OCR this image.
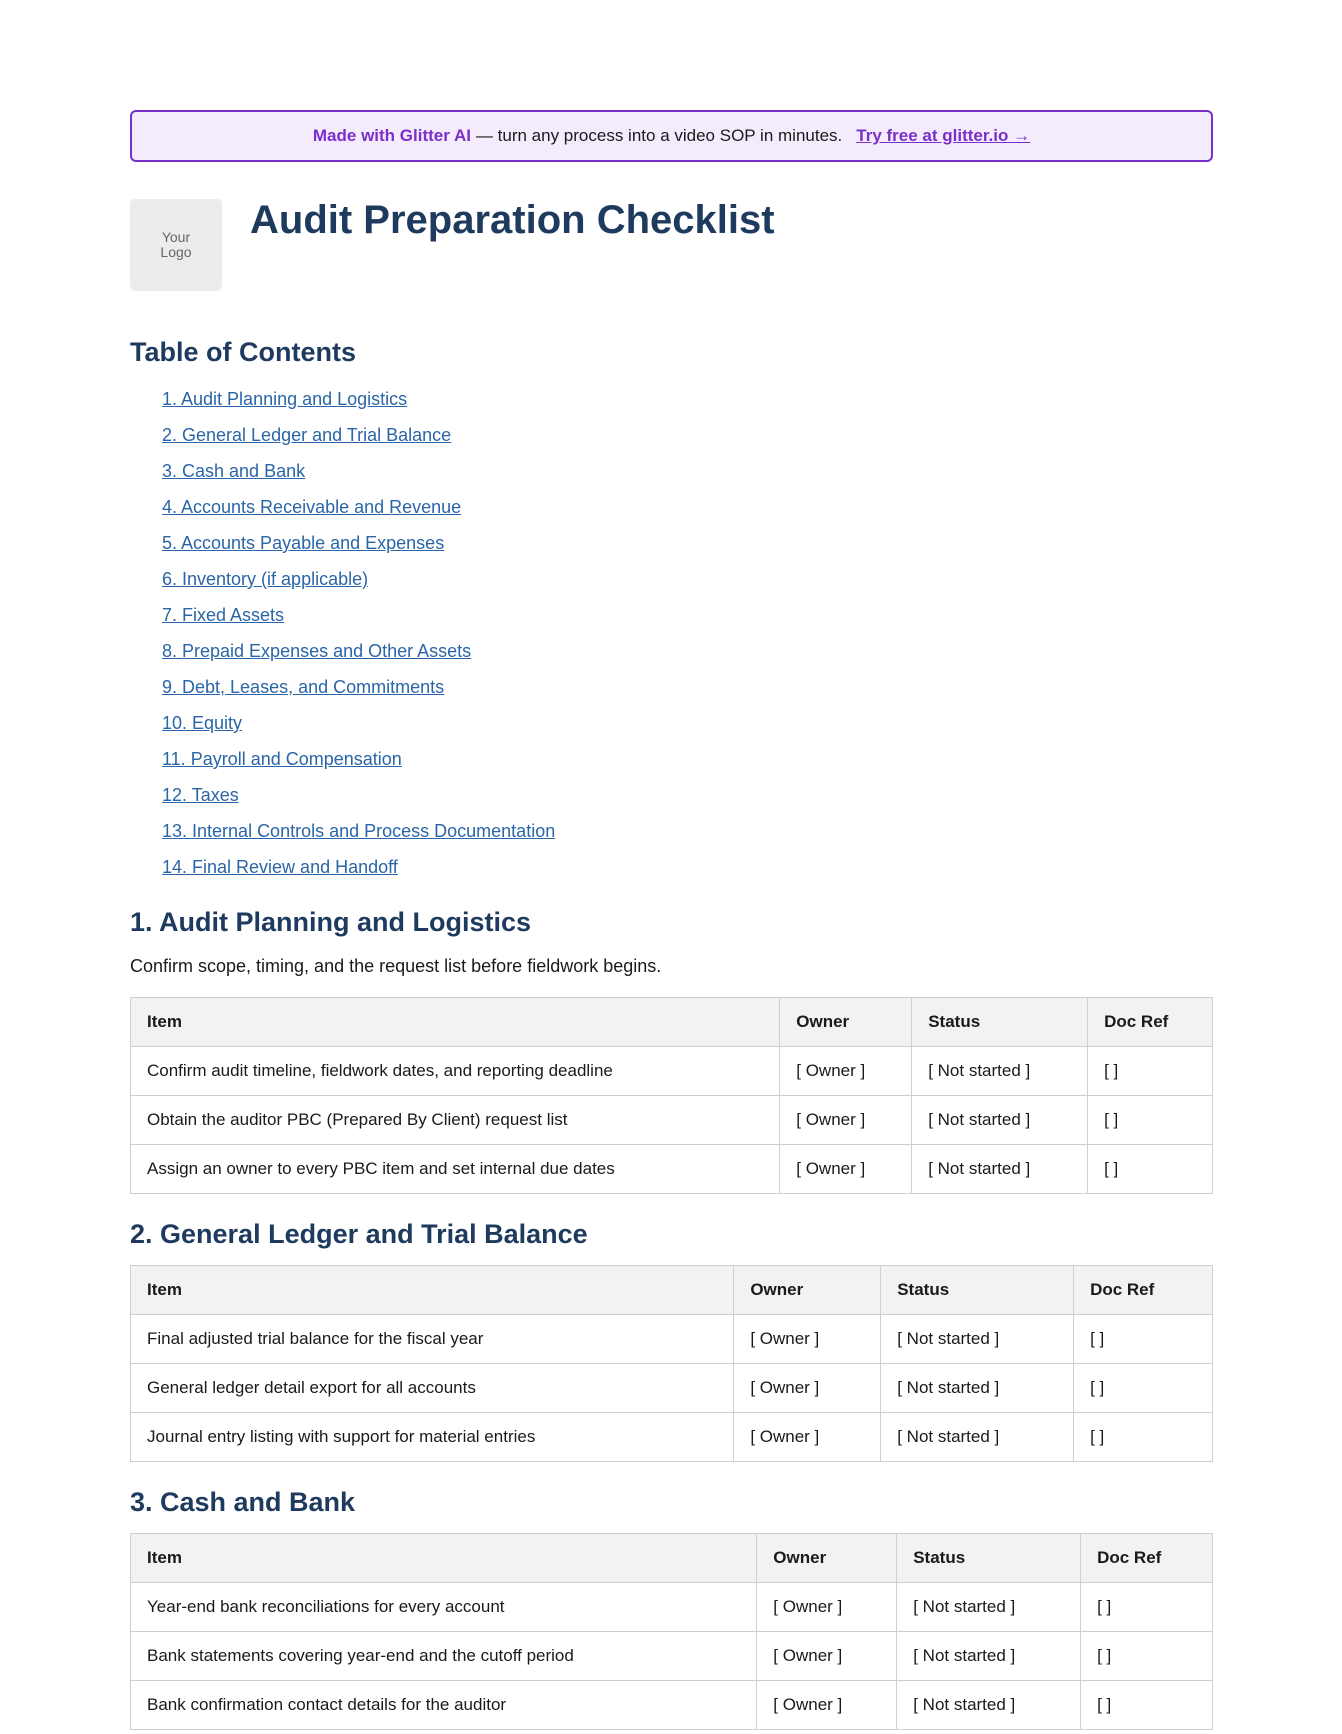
Made with Glitter AI — turn any process into a video SOP in minutes. Try free at glitter.io →
Your
Logo
Audit Preparation Checklist
Table of Contents
1. Audit Planning and Logistics
2. General Ledger and Trial Balance
3. Cash and Bank
4. Accounts Receivable and Revenue
5. Accounts Payable and Expenses
6. Inventory (if applicable)
7. Fixed Assets
8. Prepaid Expenses and Other Assets
9. Debt, Leases, and Commitments
10. Equity
11. Payroll and Compensation
12. Taxes
13. Internal Controls and Process Documentation
14. Final Review and Handoff
1. Audit Planning and Logistics

Confirm scope, timing, and the request list before fieldwork begins.

Item	Owner	Status	Doc Ref
Confirm audit timeline, fieldwork dates, and reporting deadline	[ Owner ]	[ Not started ]	[ ]
Obtain the auditor PBC (Prepared By Client) request list	[ Owner ]	[ Not started ]	[ ]
Assign an owner to every PBC item and set internal due dates	[ Owner ]	[ Not started ]	[ ]
2. General Ledger and Trial Balance
Item	Owner	Status	Doc Ref
Final adjusted trial balance for the fiscal year	[ Owner ]	[ Not started ]	[ ]
General ledger detail export for all accounts	[ Owner ]	[ Not started ]	[ ]
Journal entry listing with support for material entries	[ Owner ]	[ Not started ]	[ ]
3. Cash and Bank
Item	Owner	Status	Doc Ref
Year-end bank reconciliations for every account	[ Owner ]	[ Not started ]	[ ]
Bank statements covering year-end and the cutoff period	[ Owner ]	[ Not started ]	[ ]
Bank confirmation contact details for the auditor	[ Owner ]	[ Not started ]	[ ]
